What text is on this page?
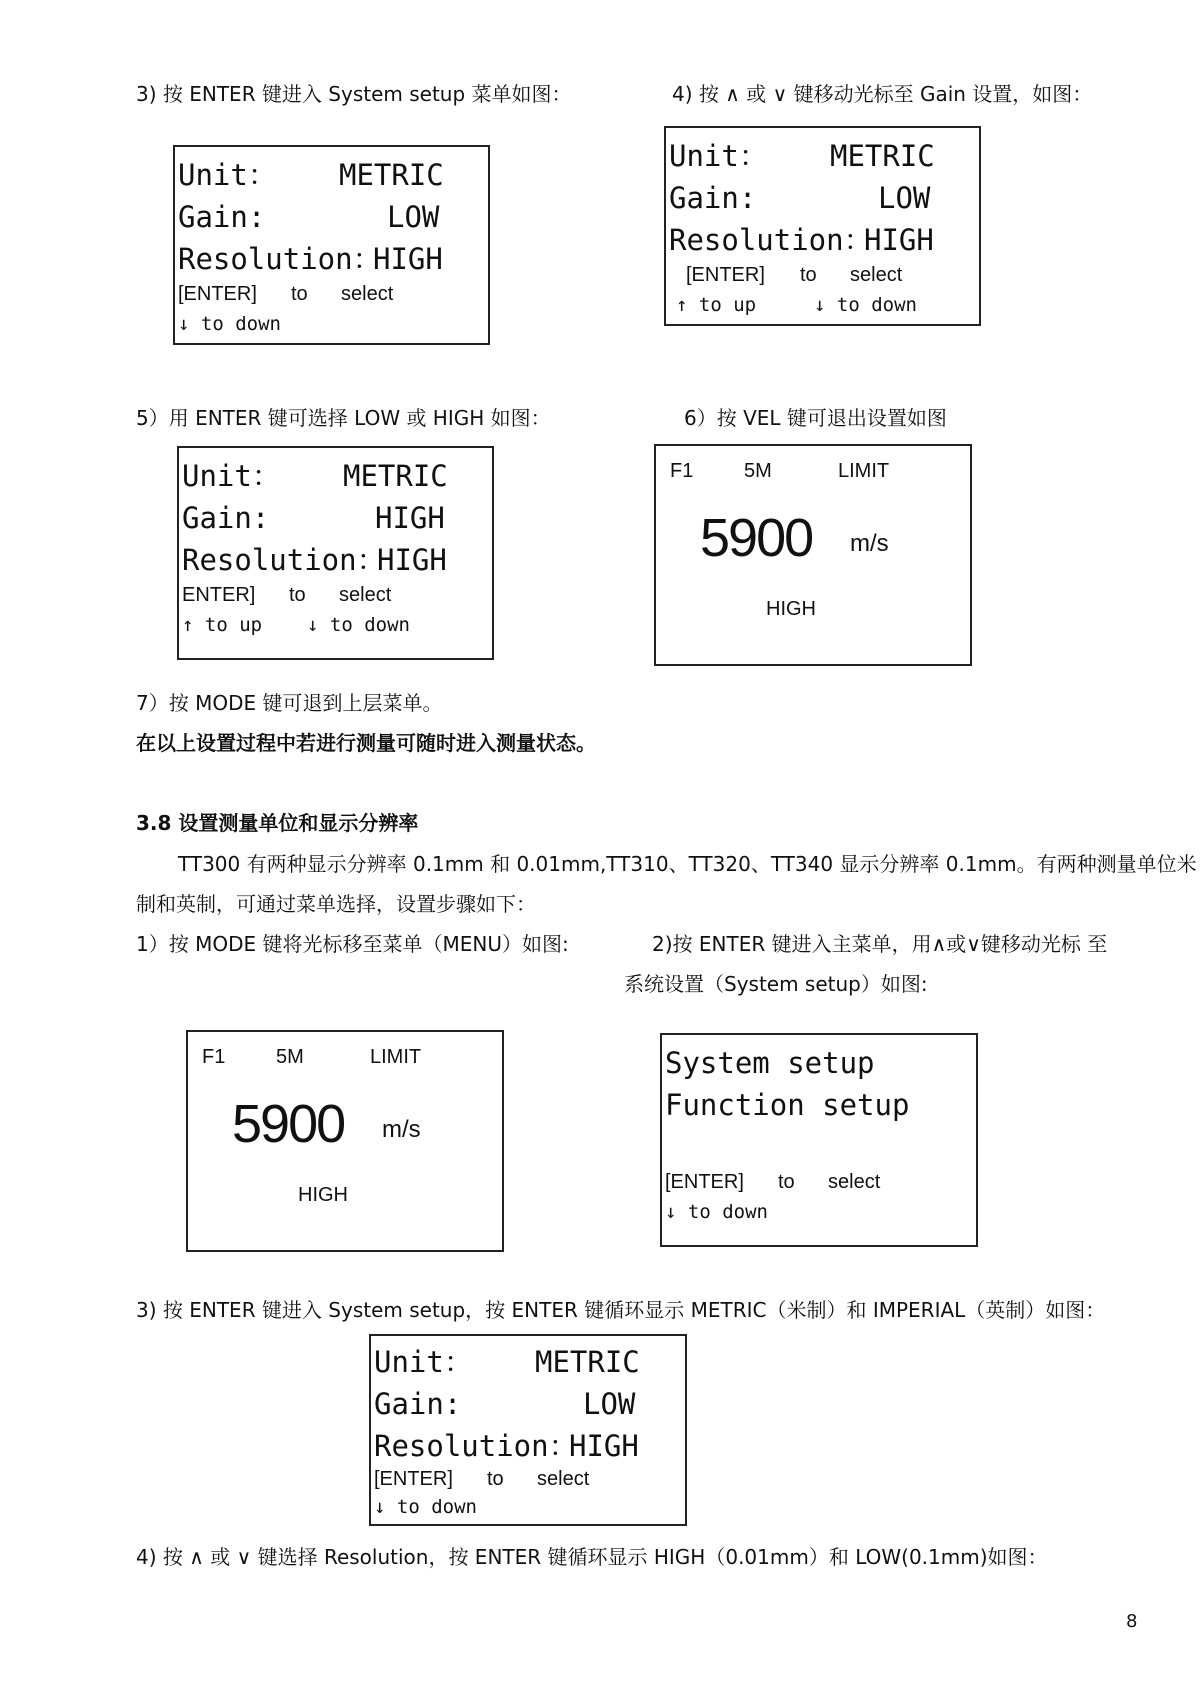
3) 按 ENTER 键进入 System setup 菜单如图：	4) 按 ∧ 或 ∨ 键移动光标至 Gain 设置，如图：
Unit： METRIC
Gain:	LOW
Resolution：
HIGH
[ENTER] to select
↓ to down
Unit： METRIC
Gain:	LOW
Resolution：
HIGH
[ENTER] to select
↑ to up	↓ to down
5）用 ENTER 键可选择 LOW 或 HIGH 如图：	6）按 VEL 键可退出设置如图
Unit： METRIC
Gain:	HIGH
Resolution：
HIGH
ENTER] to select
↑ to up ↓ to down
F1	5M	LIMIT
5900 m/s
HIGH
7）按 MODE 键可退到上层菜单。
在以上设置过程中若进行测量可随时进入测量状态。
3.8 设置测量单位和显示分辨率
TT300 有两种显示分辨率 0.1mm 和 0.01mm,TT310、TT320、TT340 显示分辨率 0.1mm。有两种测量单位米
制和英制，可通过菜单选择，设置步骤如下：
1）按 MODE 键将光标移至菜单（MENU）如图:	2)按 ENTER 键进入主菜单，用∧或∨键移动光标 至
系统设置（System setup）如图:
F1	5M	LIMIT
5900 m/s
HIGH
System setup
Function setup
[ENTER] to select
↓ to down
3) 按 ENTER 键进入 System setup，按 ENTER 键循环显示 METRIC（米制）和 IMPERIAL（英制）如图：
Unit： METRIC
Gain:	LOW
Resolution：
HIGH
[ENTER] to select
↓ to down
4) 按 ∧ 或 ∨ 键选择 Resolution，按 ENTER 键循环显示 HIGH（0.01mm）和 LOW(0.1mm)如图：
8
